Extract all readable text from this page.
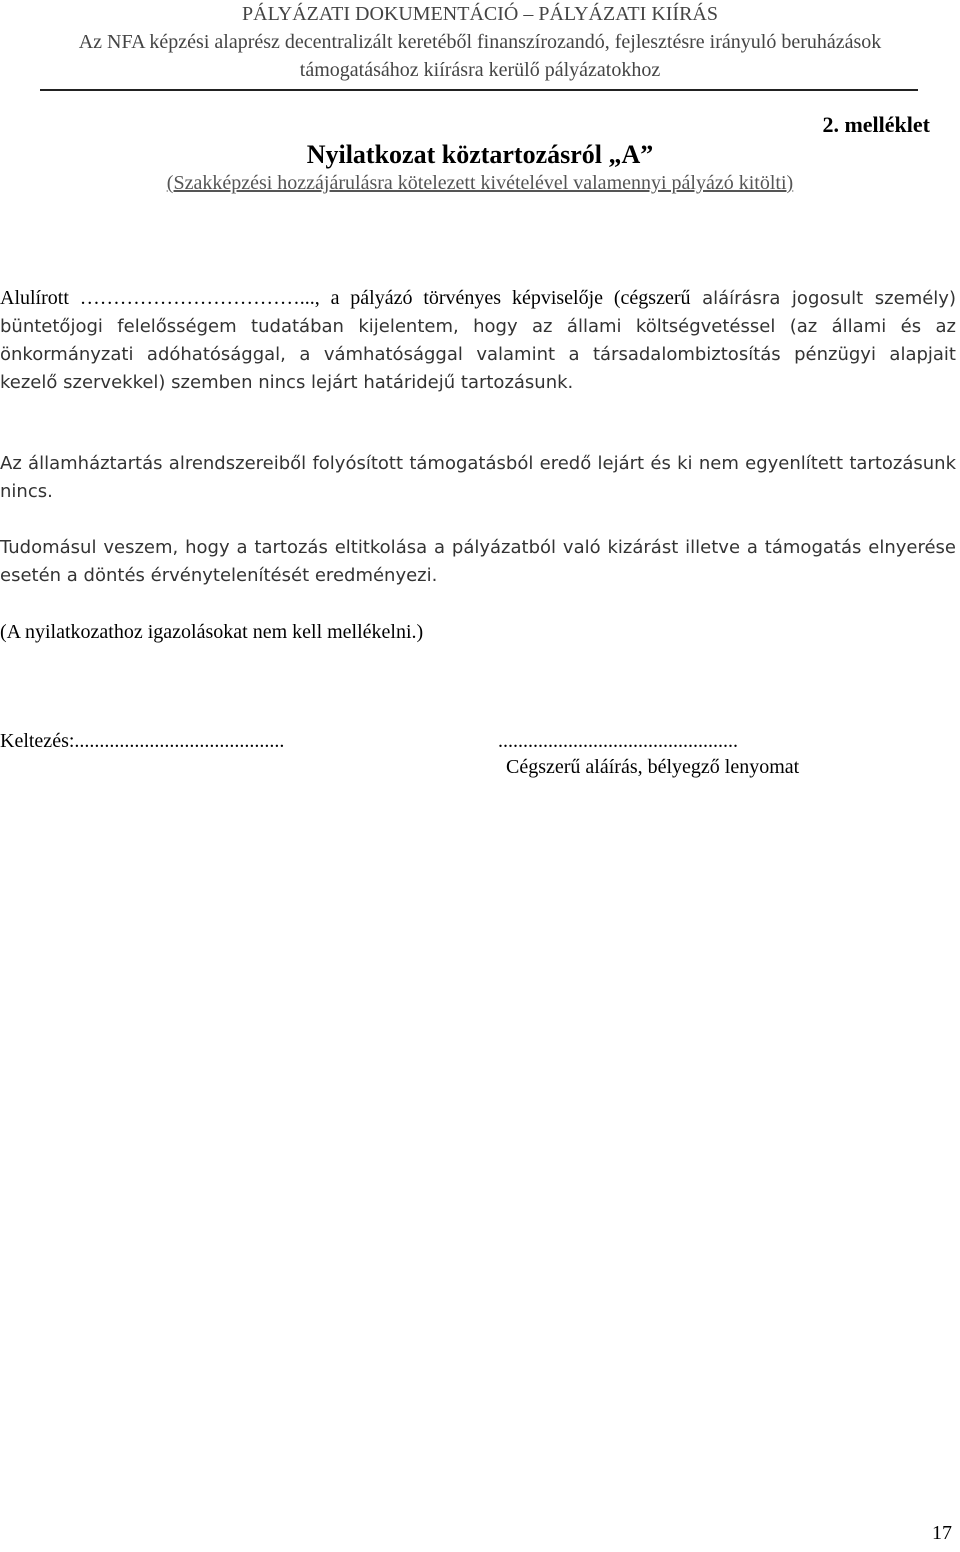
PÁLYÁZATI DOKUMENTÁCIÓ – PÁLYÁZATI KIÍRÁS
Az NFA képzési alaprész decentralizált keretéből finanszírozandó, fejlesztésre irányuló beruházások
támogatásához kiírásra kerülő pályázatokhoz
2. melléklet
Nyilatkozat köztartozásról „A”
(Szakképzési hozzájárulásra kötelezett kivételével valamennyi pályázó kitölti)
Alulírott ……………………………..., a pályázó törvényes képviselője (cégszerű aláírásra jogosult személy) büntetőjogi felelősségem tudatában kijelentem, hogy az állami költségvetéssel (az állami és az önkormányzati adóhatósággal, a vámhatósággal valamint a társadalombiztosítás pénzügyi alapjait kezelő szervekkel) szemben nincs lejárt határidejű tartozásunk.
Az államháztartás alrendszereiből folyósított támogatásból eredő lejárt és ki nem egyenlített tartozásunk nincs.
Tudomásul veszem, hogy a tartozás eltitkolása a pályázatból való kizárást illetve a támogatás elnyerése esetén a döntés érvénytelenítését eredményezi.
(A nyilatkozathoz igazolásokat nem kell mellékelni.)
Keltezés:..........................................	................................................
Cégszerű aláírás, bélyegző lenyomat
17
